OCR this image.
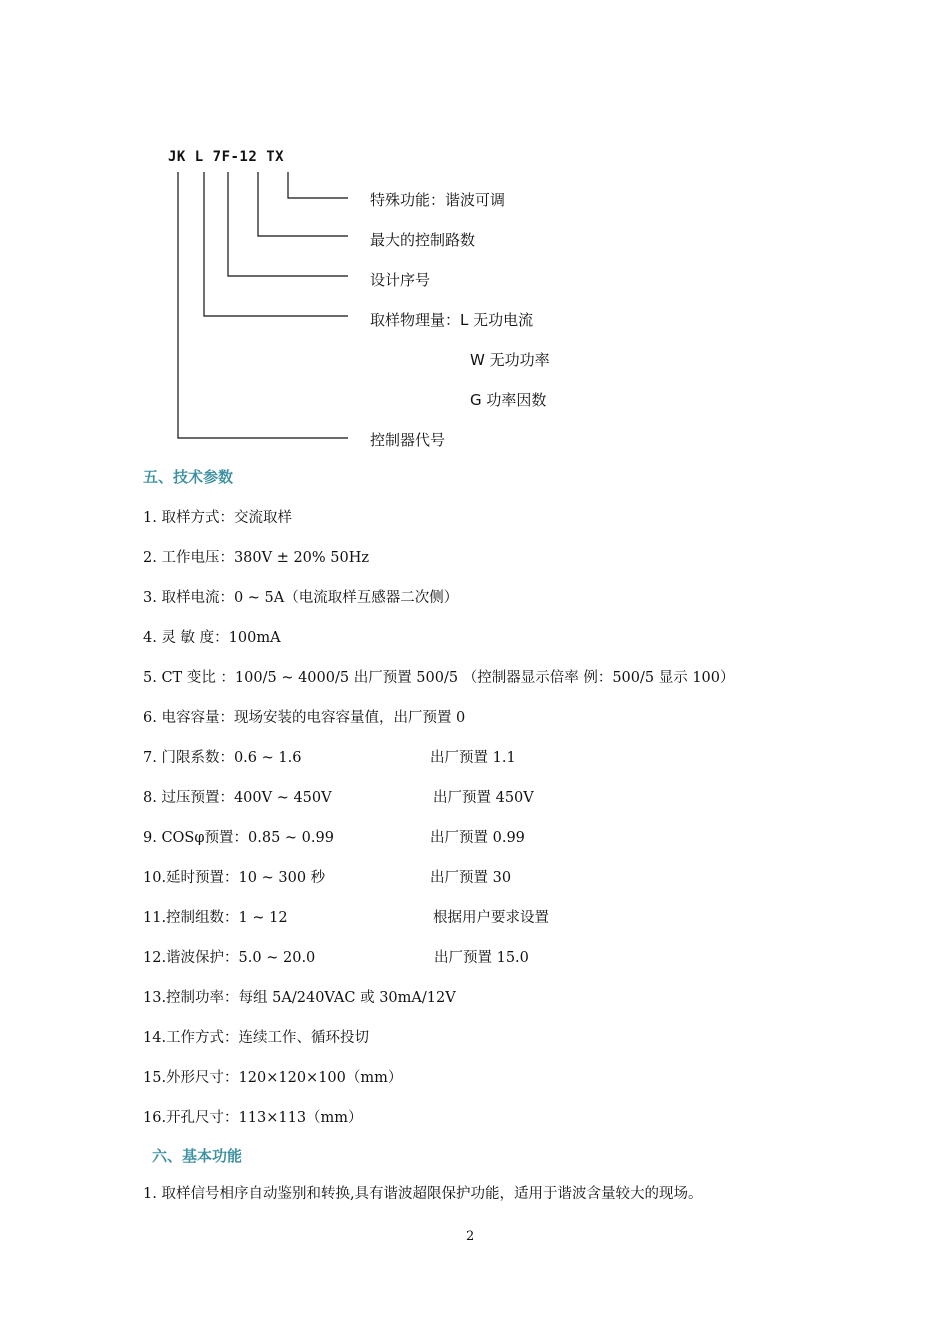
JK L 7F-12 TX
特殊功能：谐波可调
最大的控制路数
设计序号
取样物理量：L 无功电流
W 无功功率
G 功率因数
控制器代号
五、技术参数
1. 取样方式：交流取样
2. 工作电压：380V ± 20% 50Hz
3. 取样电流：0 ~ 5A（电流取样互感器二次侧）
4. 灵 敏 度：100mA
5. CT 变比 ：100/5 ~ 4000/5 出厂预置 500/5 （控制器显示倍率 例：500/5 显示 100）
6. 电容容量：现场安装的电容容量值，出厂预置 0
7. 门限系数：0.6 ~ 1.6	出厂预置 1.1
8. 过压预置：400V ~ 450V	出厂预置 450V
9. COSφ预置：0.85 ~ 0.99	出厂预置 0.99
10.延时预置：10 ~ 300 秒	出厂预置 30
11.控制组数：1 ~ 12	根据用户要求设置
12.谐波保护：5.0 ~ 20.0	出厂预置 15.0
13.控制功率：每组 5A/240VAC 或 30mA/12V
14.工作方式：连续工作、循环投切
15.外形尺寸：120×120×100（mm）
16.开孔尺寸：113×113（mm）
六、基本功能
1. 取样信号相序自动鉴别和转换,具有谐波超限保护功能，适用于谐波含量较大的现场。
2
